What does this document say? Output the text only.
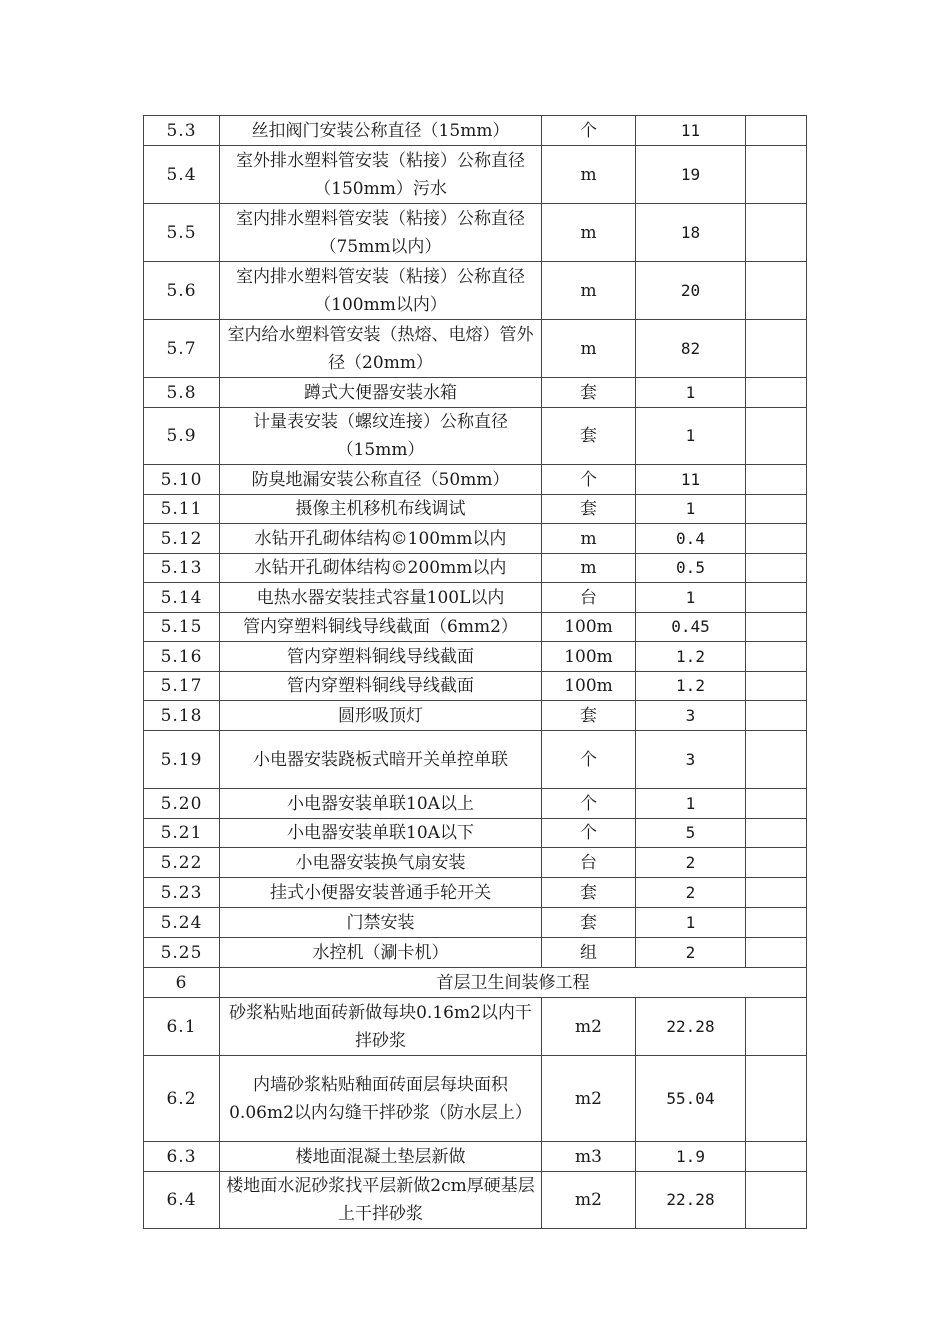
5.3	丝扣阀门安装公称直径（15mm）	个	11	
5.4	室外排水塑料管安装（粘接）公称直径（150mm）污水	m	19	
5.5	室内排水塑料管安装（粘接）公称直径（75mm以内）	m	18	
5.6	室内排水塑料管安装（粘接）公称直径（100mm以内）	m	20	
5.7	室内给水塑料管安装（热熔、电熔）管外径（20mm）	m	82	
5.8	蹲式大便器安装水箱	套	1	
5.9	计量表安装（螺纹连接）公称直径（15mm）	套	1	
5.10	防臭地漏安装公称直径（50mm）	个	11	
5.11	摄像主机移机布线调试	套	1	
5.12	水钻开孔砌体结构©100mm以内	m	0.4	
5.13	水钻开孔砌体结构©200mm以内	m	0.5	
5.14	电热水器安装挂式容量100L以内	台	1	
5.15	管内穿塑料铜线导线截面（6mm2）	100m	0.45	
5.16	管内穿塑料铜线导线截面	100m	1.2	
5.17	管内穿塑料铜线导线截面	100m	1.2	
5.18	圆形吸顶灯	套	3	
5.19	小电器安装跷板式暗开关单控单联	个	3	
5.20	小电器安装单联10A以上	个	1	
5.21	小电器安装单联10A以下	个	5	
5.22	小电器安装换气扇安装	台	2	
5.23	挂式小便器安装普通手轮开关	套	2	
5.24	门禁安装	套	1	
5.25	水控机（涮卡机）	组	2	
6	首层卫生间装修工程			
6.1	砂浆粘贴地面砖新做每块0.16m2以内干拌砂浆	m2	22.28	
6.2	内墙砂浆粘贴釉面砖面层每块面积0.06m2以内勾缝干拌砂浆（防水层上）	m2	55.04	
6.3	楼地面混凝土垫层新做	m3	1.9	
6.4	楼地面水泥砂浆找平层新做2cm厚硬基层上干拌砂浆	m2	22.28	
